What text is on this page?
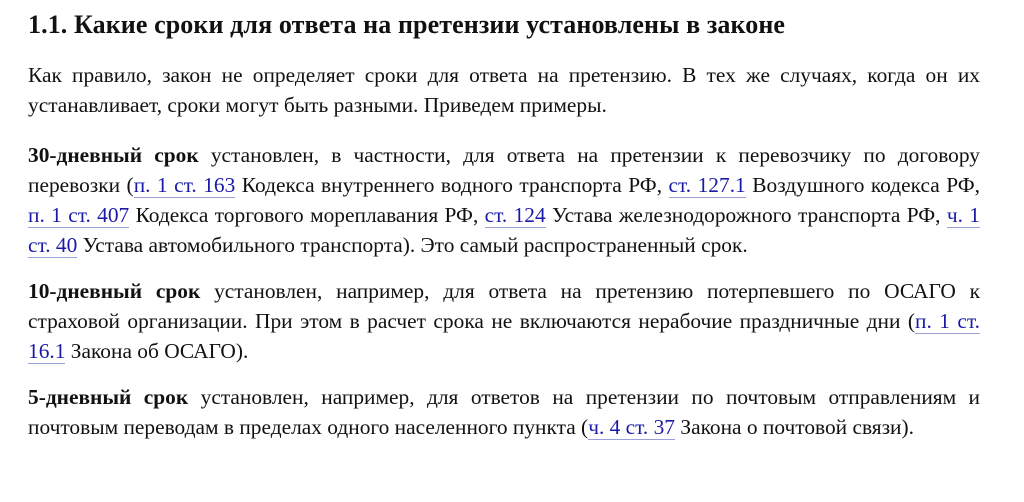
1.1. Какие сроки для ответа на претензии установлены в законе

Как правило, закон не определяет сроки для ответа на претензию. В тех же случаях, когда он их устанавливает, сроки могут быть разными. Приведем примеры.

30-дневный срок установлен, в частности, для ответа на претензии к перевозчику по договору перевозки (п. 1 ст. 163 Кодекса внутреннего водного транспорта РФ, ст. 127.1 Воздушного кодекса РФ, п. 1 ст. 407 Кодекса торгового мореплавания РФ, ст. 124 Устава железнодорожного транспорта РФ, ч. 1 ст. 40 Устава автомобильного транспорта). Это самый распространенный срок.

10-дневный срок установлен, например, для ответа на претензию потерпевшего по ОСАГО к страховой организации. При этом в расчет срока не включаются нерабочие праздничные дни (п. 1 ст. 16.1 Закона об ОСАГО).

5-дневный срок установлен, например, для ответов на претензии по почтовым отправлениям и почтовым переводам в пределах одного населенного пункта (ч. 4 ст. 37 Закона о почтовой связи).
